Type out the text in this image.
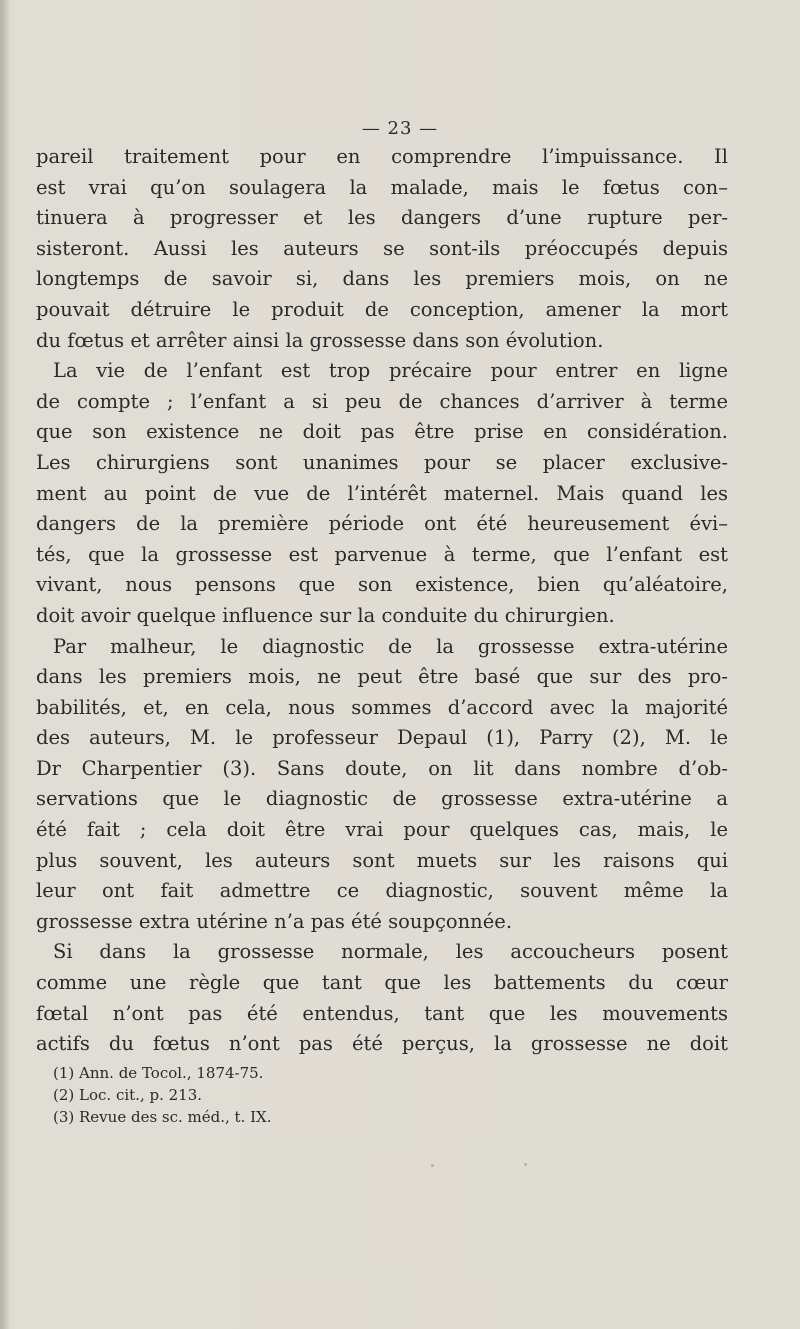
— 23 —
pareil traitement pour en comprendre l’impuissance. Il
est vrai qu’on soulagera la malade, mais le fœtus con–
tinuera à progresser et les dangers d’une rupture per-
sisteront. Aussi les auteurs se sont-ils préoccupés depuis
longtemps de savoir si, dans les premiers mois, on ne
pouvait détruire le produit de conception, amener la mort
du fœtus et arrêter ainsi la grossesse dans son évolution.
La vie de l’enfant est trop précaire pour entrer en ligne
de compte ; l’enfant a si peu de chances d’arriver à terme
que son existence ne doit pas être prise en considération.
Les chirurgiens sont unanimes pour se placer exclusive-
ment au point de vue de l’intérêt maternel. Mais quand les
dangers de la première période ont été heureusement évi–
tés, que la grossesse est parvenue à terme, que l’enfant est
vivant, nous pensons que son existence, bien qu’aléatoire,
doit avoir quelque influence sur la conduite du chirurgien.
Par malheur, le diagnostic de la grossesse extra-utérine
dans les premiers mois, ne peut être basé que sur des pro-
babilités, et, en cela, nous sommes d’accord avec la majorité
des auteurs, M. le professeur Depaul (1), Parry (2), M. le
Dr Charpentier (3). Sans doute, on lit dans nombre d’ob-
servations que le diagnostic de grossesse extra-utérine a
été fait ; cela doit être vrai pour quelques cas, mais, le
plus souvent, les auteurs sont muets sur les raisons qui
leur ont fait admettre ce diagnostic, souvent même la
grossesse extra utérine n’a pas été soupçonnée.
Si dans la grossesse normale, les accoucheurs posent
comme une règle que tant que les battements du cœur
fœtal n’ont pas été entendus, tant que les mouvements
actifs du fœtus n’ont pas été perçus, la grossesse ne doit
(1) Ann. de Tocol., 1874-75.
(2) Loc. cit., p. 213.
(3) Revue des sc. méd., t. IX.
